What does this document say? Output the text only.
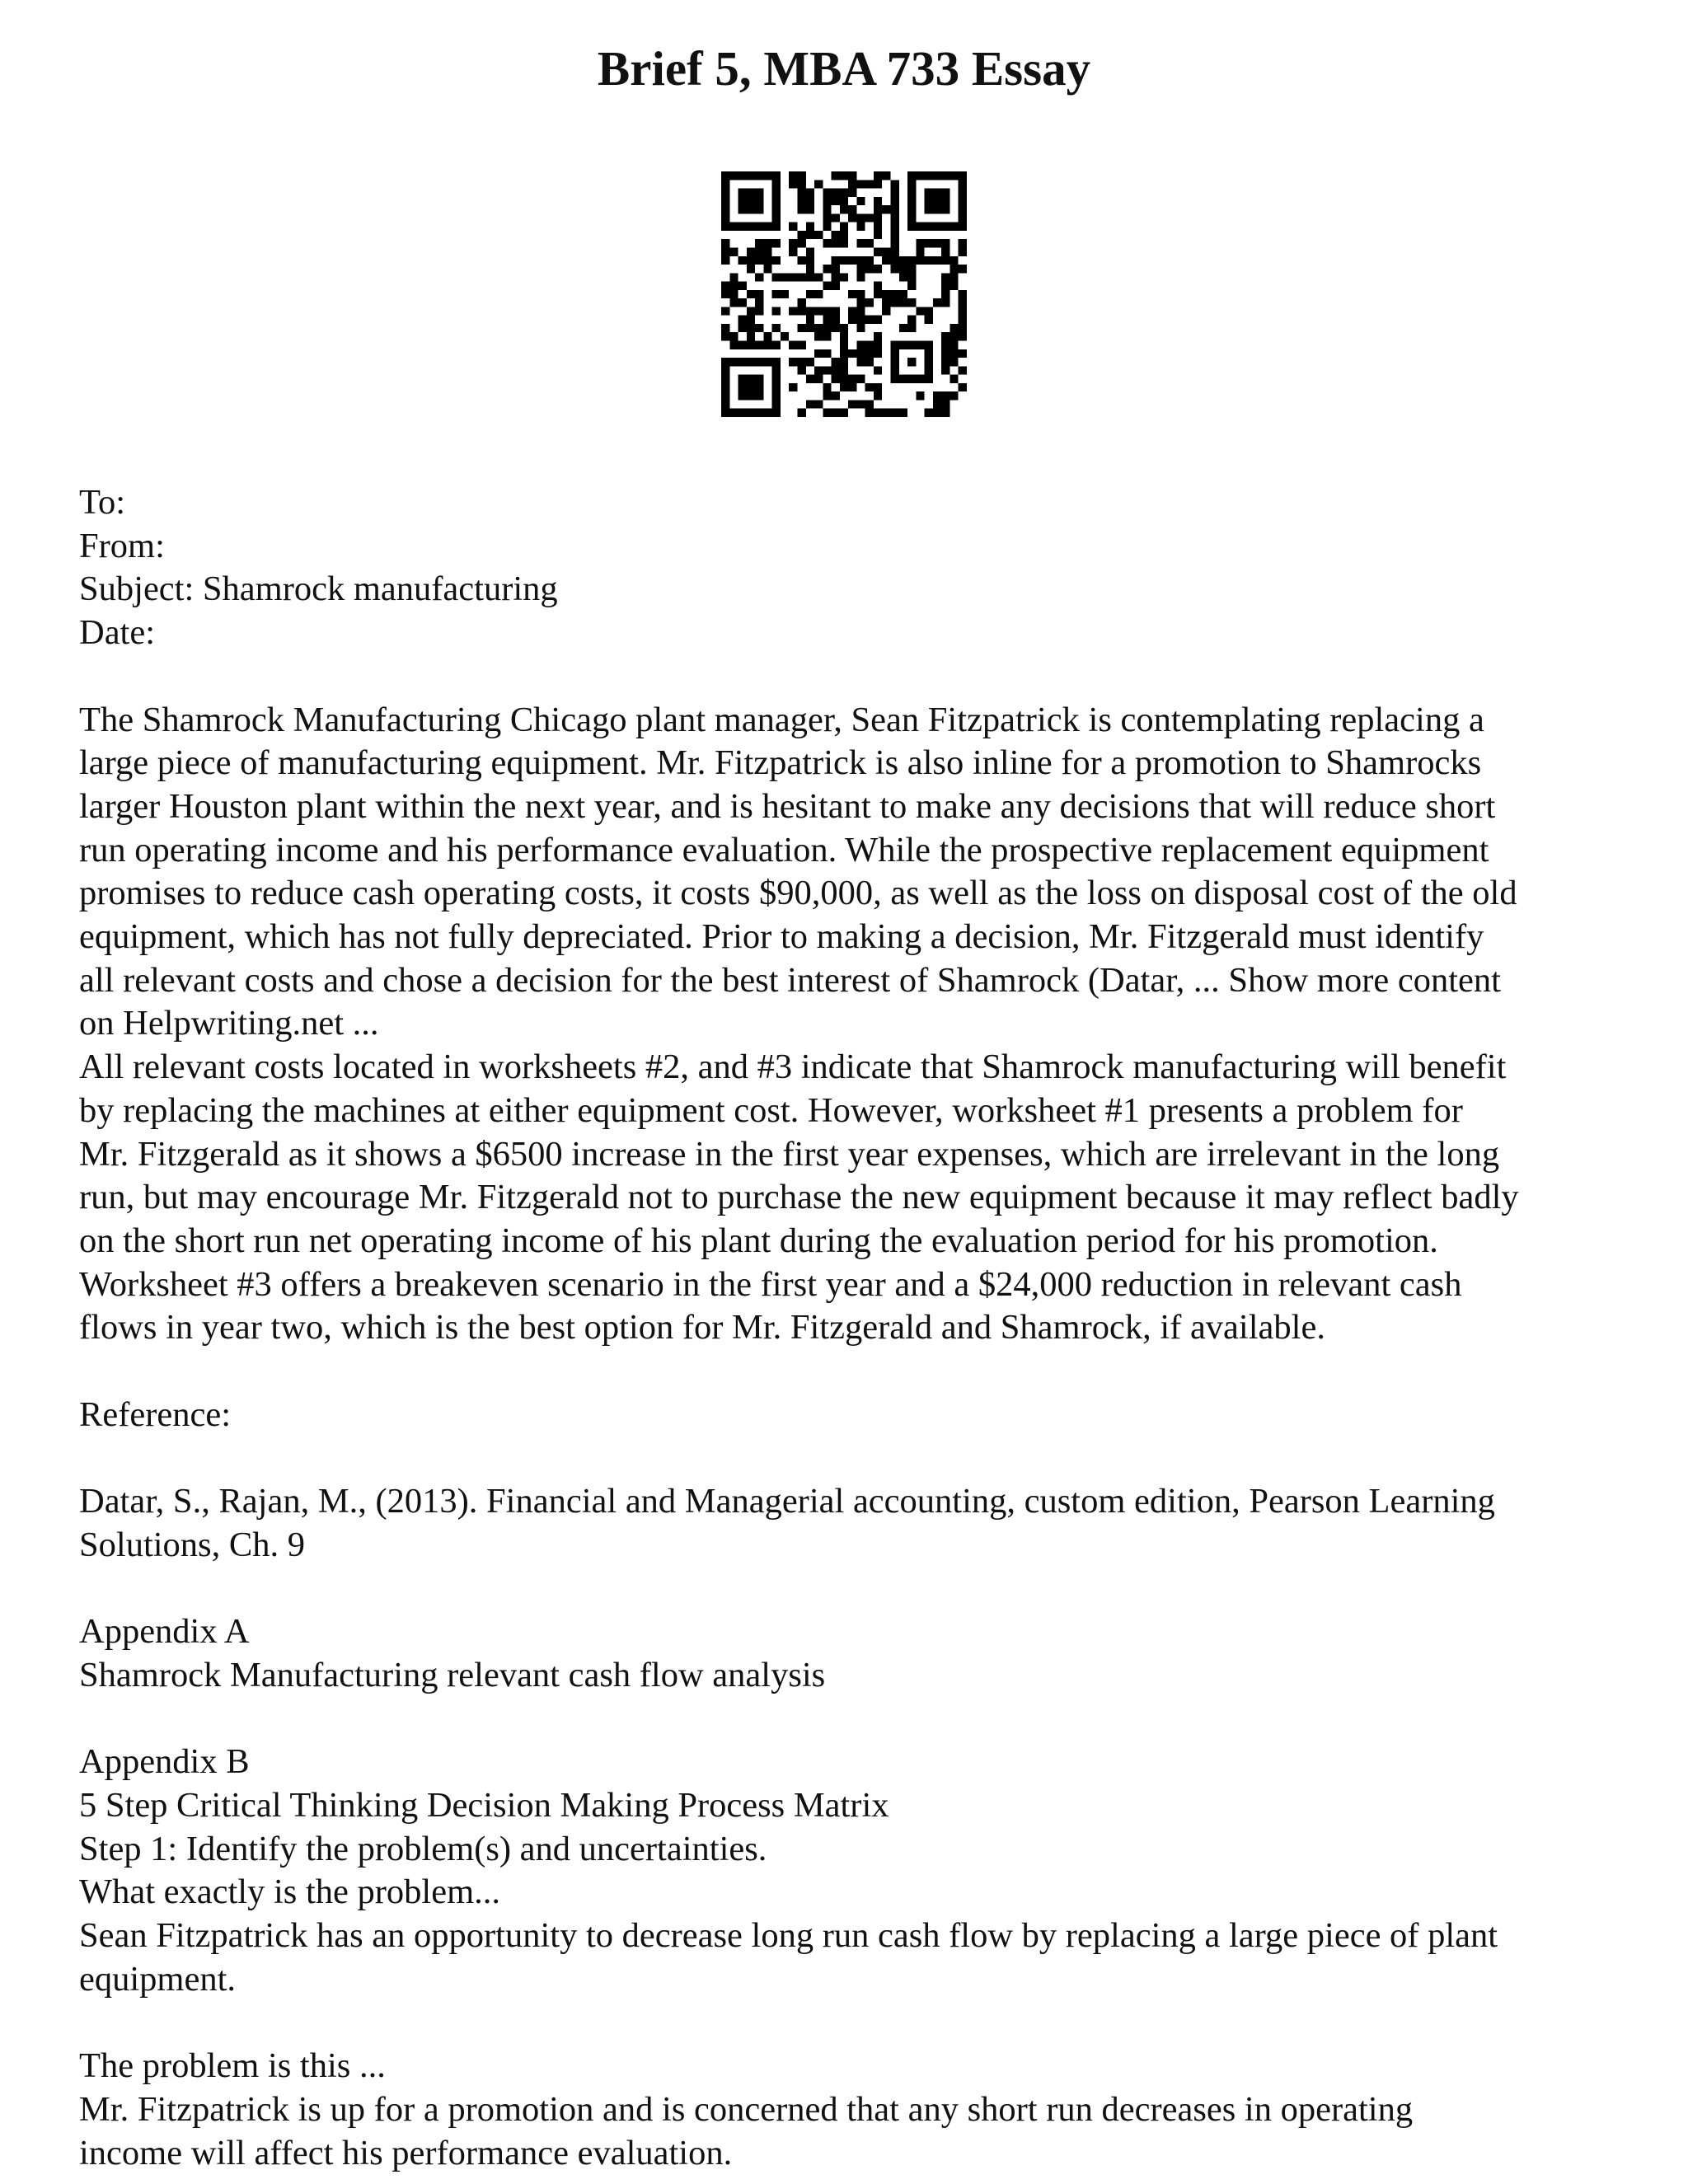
Brief 5, MBA 733 Essay
To:
From:
Subject: Shamrock manufacturing
Date:
The Shamrock Manufacturing Chicago plant manager, Sean Fitzpatrick is contemplating replacing a
large piece of manufacturing equipment. Mr. Fitzpatrick is also inline for a promotion to Shamrocks
larger Houston plant within the next year, and is hesitant to make any decisions that will reduce short
run operating income and his performance evaluation. While the prospective replacement equipment
promises to reduce cash operating costs, it costs $90,000, as well as the loss on disposal cost of the old
equipment, which has not fully depreciated. Prior to making a decision, Mr. Fitzgerald must identify
all relevant costs and chose a decision for the best interest of Shamrock (Datar, ... Show more content
on Helpwriting.net ...
All relevant costs located in worksheets #2, and #3 indicate that Shamrock manufacturing will benefit
by replacing the machines at either equipment cost. However, worksheet #1 presents a problem for
Mr. Fitzgerald as it shows a $6500 increase in the first year expenses, which are irrelevant in the long
run, but may encourage Mr. Fitzgerald not to purchase the new equipment because it may reflect badly
on the short run net operating income of his plant during the evaluation period for his promotion.
Worksheet #3 offers a breakeven scenario in the first year and a $24,000 reduction in relevant cash
flows in year two, which is the best option for Mr. Fitzgerald and Shamrock, if available.
Reference:
Datar, S., Rajan, M., (2013). Financial and Managerial accounting, custom edition, Pearson Learning
Solutions, Ch. 9
Appendix A
Shamrock Manufacturing relevant cash flow analysis
Appendix B
5 Step Critical Thinking Decision Making Process Matrix
Step 1: Identify the problem(s) and uncertainties.
What exactly is the problem...
Sean Fitzpatrick has an opportunity to decrease long run cash flow by replacing a large piece of plant
equipment.
The problem is this ...
Mr. Fitzpatrick is up for a promotion and is concerned that any short run decreases in operating
income will affect his performance evaluation.
